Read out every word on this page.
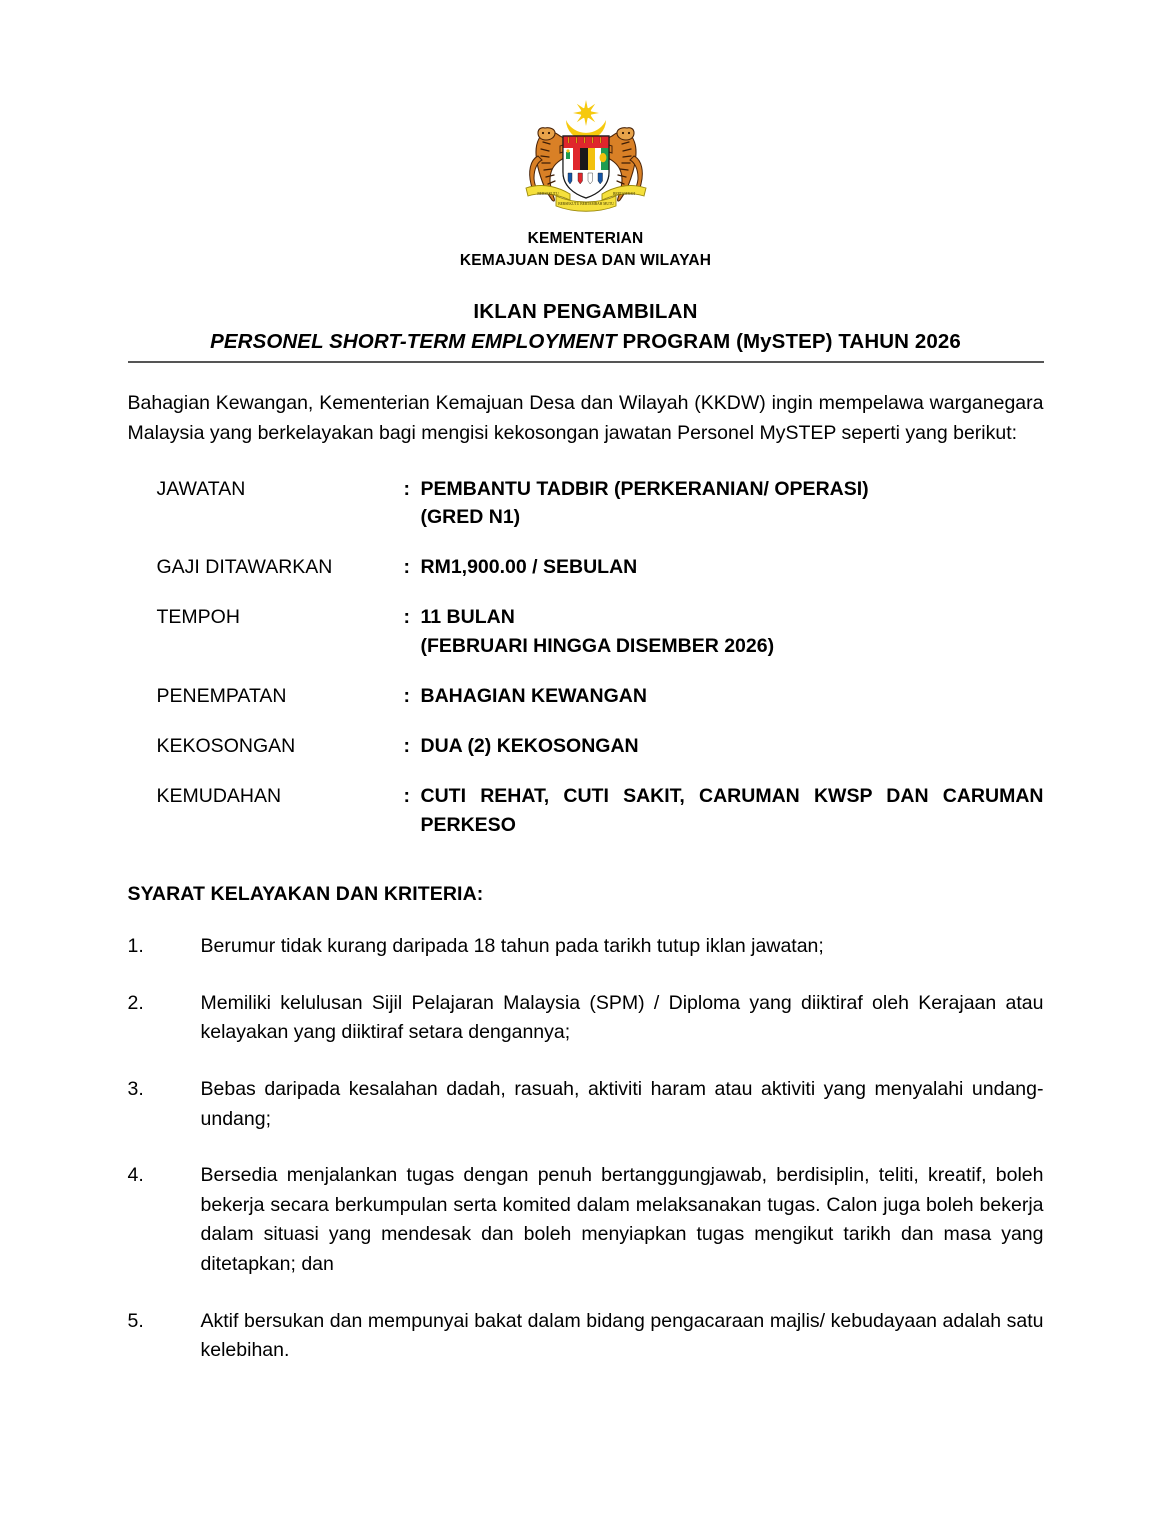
BERSEKUTU	BERTAMBAH
BERSEKUTU BERTAMBAH MUTU
KEMENTERIAN
KEMAJUAN DESA DAN WILAYAH
IKLAN PENGAMBILAN
PERSONEL SHORT-TERM EMPLOYMENT PROGRAM (MySTEP) TAHUN 2026

Bahagian Kewangan, Kementerian Kemajuan Desa dan Wilayah (KKDW) ingin mempelawa warganegara Malaysia yang berkelayakan bagi mengisi kekosongan jawatan Personel MySTEP seperti yang berikut:

JAWATAN	: PEMBANTU TADBIR (PERKERANIAN/ OPERASI)
(GRED N1)
GAJI DITAWARKAN	: RM1,900.00 / SEBULAN
TEMPOH	: 11 BULAN
(FEBRUARI HINGGA DISEMBER 2026)
PENEMPATAN	: BAHAGIAN KEWANGAN
KEKOSONGAN	: DUA (2) KEKOSONGAN
KEMUDAHAN	: CUTI REHAT, CUTI SAKIT, CARUMAN KWSP DAN CARUMAN PERKESO
SYARAT KELAYAKAN DAN KRITERIA:
1.	Berumur tidak kurang daripada 18 tahun pada tarikh tutup iklan jawatan;
2.	Memiliki kelulusan Sijil Pelajaran Malaysia (SPM) / Diploma yang diiktiraf oleh Kerajaan atau kelayakan yang diiktiraf setara dengannya;
3.	Bebas daripada kesalahan dadah, rasuah, aktiviti haram atau aktiviti yang menyalahi undang-undang;
4.	Bersedia menjalankan tugas dengan penuh bertanggungjawab, berdisiplin, teliti, kreatif, boleh bekerja secara berkumpulan serta komited dalam melaksanakan tugas. Calon juga boleh bekerja dalam situasi yang mendesak dan boleh menyiapkan tugas mengikut tarikh dan masa yang ditetapkan; dan
5.	Aktif bersukan dan mempunyai bakat dalam bidang pengacaraan majlis/ kebudayaan adalah satu kelebihan.
